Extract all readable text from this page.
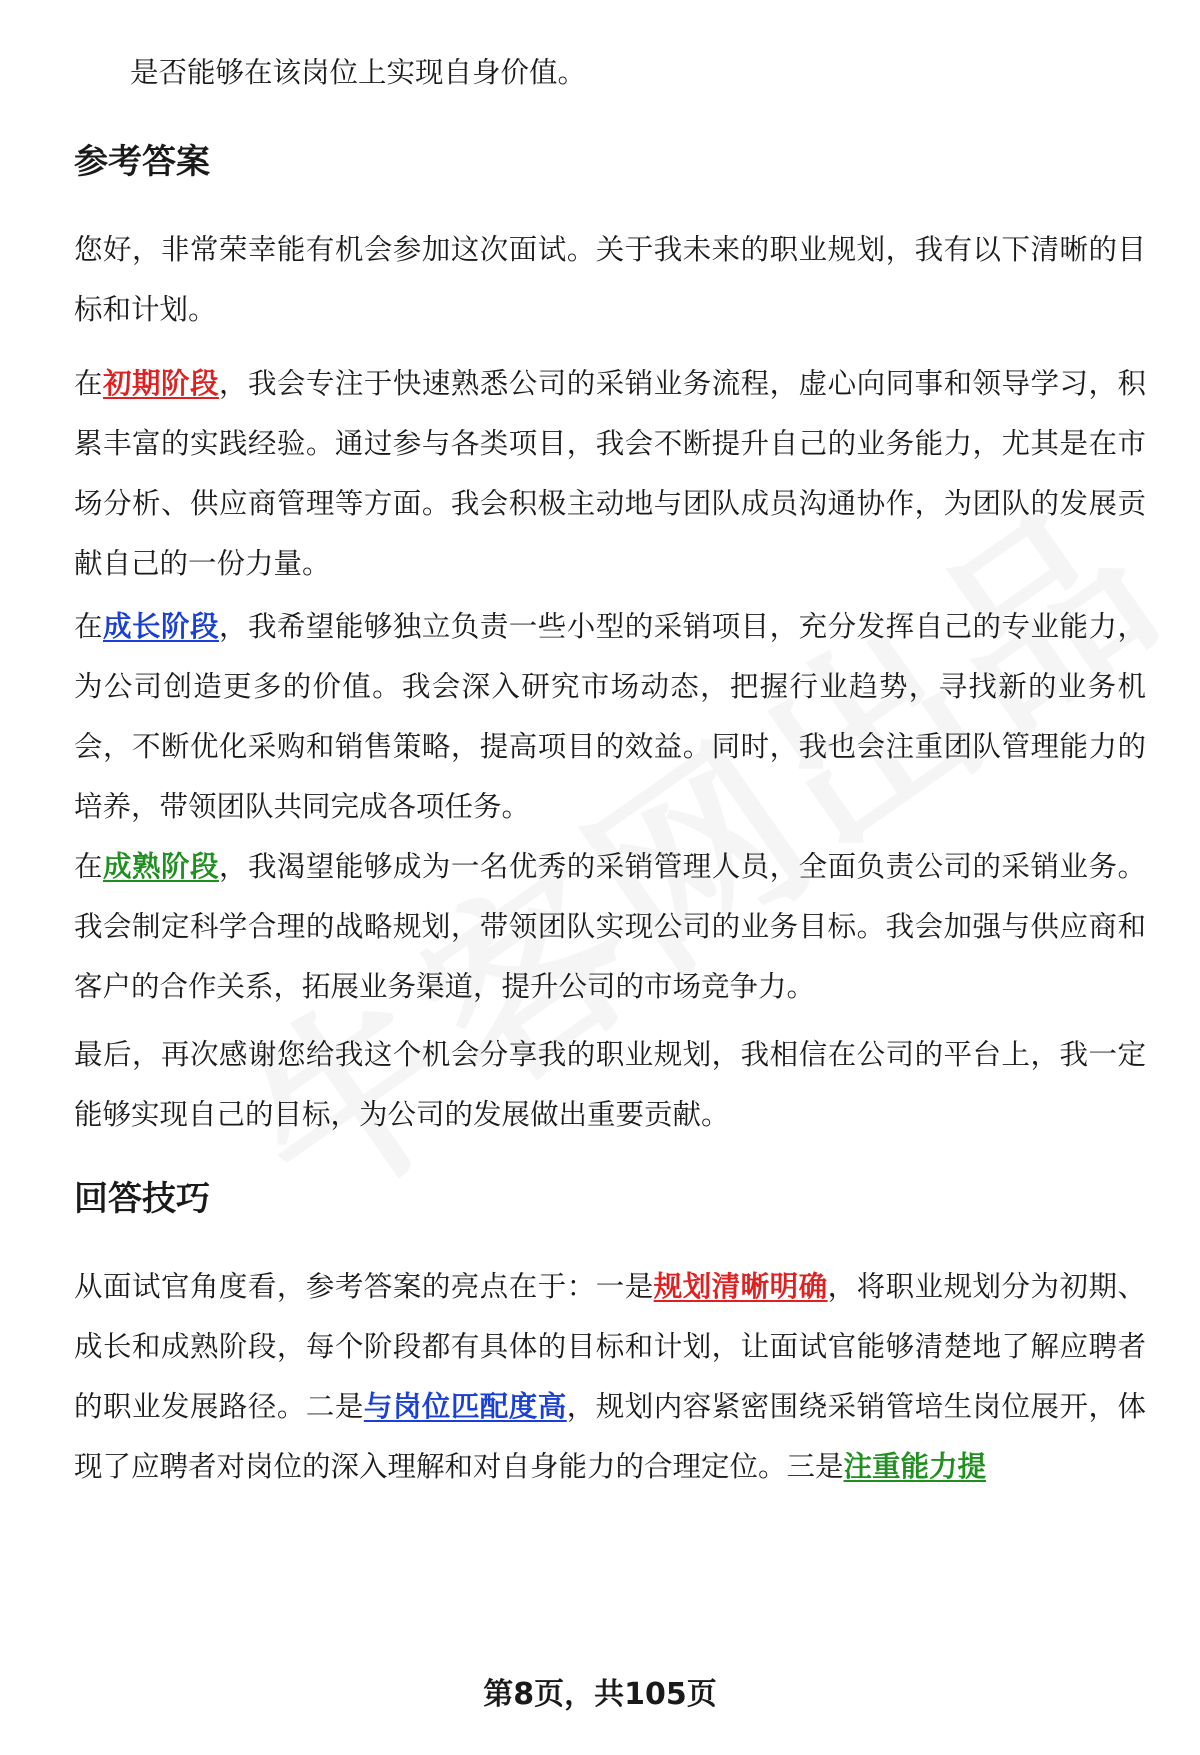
是否能够在该岗位上实现自身价值。

参考答案

您好，非常荣幸能有机会参加这次面试。关于我未来的职业规划，我有以下清晰的目标和计划。

在初期阶段，我会专注于快速熟悉公司的采销业务流程，虚心向同事和领导学习，积累丰富的实践经验。通过参与各类项目，我会不断提升自己的业务能力，尤其是在市场分析、供应商管理等方面。我会积极主动地与团队成员沟通协作，为团队的发展贡献自己的一份力量。

在成长阶段，我希望能够独立负责一些小型的采销项目，充分发挥自己的专业能力，为公司创造更多的价值。我会深入研究市场动态，把握行业趋势，寻找新的业务机会，不断优化采购和销售策略，提高项目的效益。同时，我也会注重团队管理能力的培养，带领团队共同完成各项任务。

在成熟阶段，我渴望能够成为一名优秀的采销管理人员，全面负责公司的采销业务。我会制定科学合理的战略规划，带领团队实现公司的业务目标。我会加强与供应商和客户的合作关系，拓展业务渠道，提升公司的市场竞争力。

最后，再次感谢您给我这个机会分享我的职业规划，我相信在公司的平台上，我一定能够实现自己的目标，为公司的发展做出重要贡献。

回答技巧

从面试官角度看，参考答案的亮点在于：一是规划清晰明确，将职业规划分为初期、成长和成熟阶段，每个阶段都有具体的目标和计划，让面试官能够清楚地了解应聘者的职业发展路径。二是与岗位匹配度高，规划内容紧密围绕采销管培生岗位展开，体现了应聘者对岗位的深入理解和对自身能力的合理定位。三是注重能力提

第8页，共105页
